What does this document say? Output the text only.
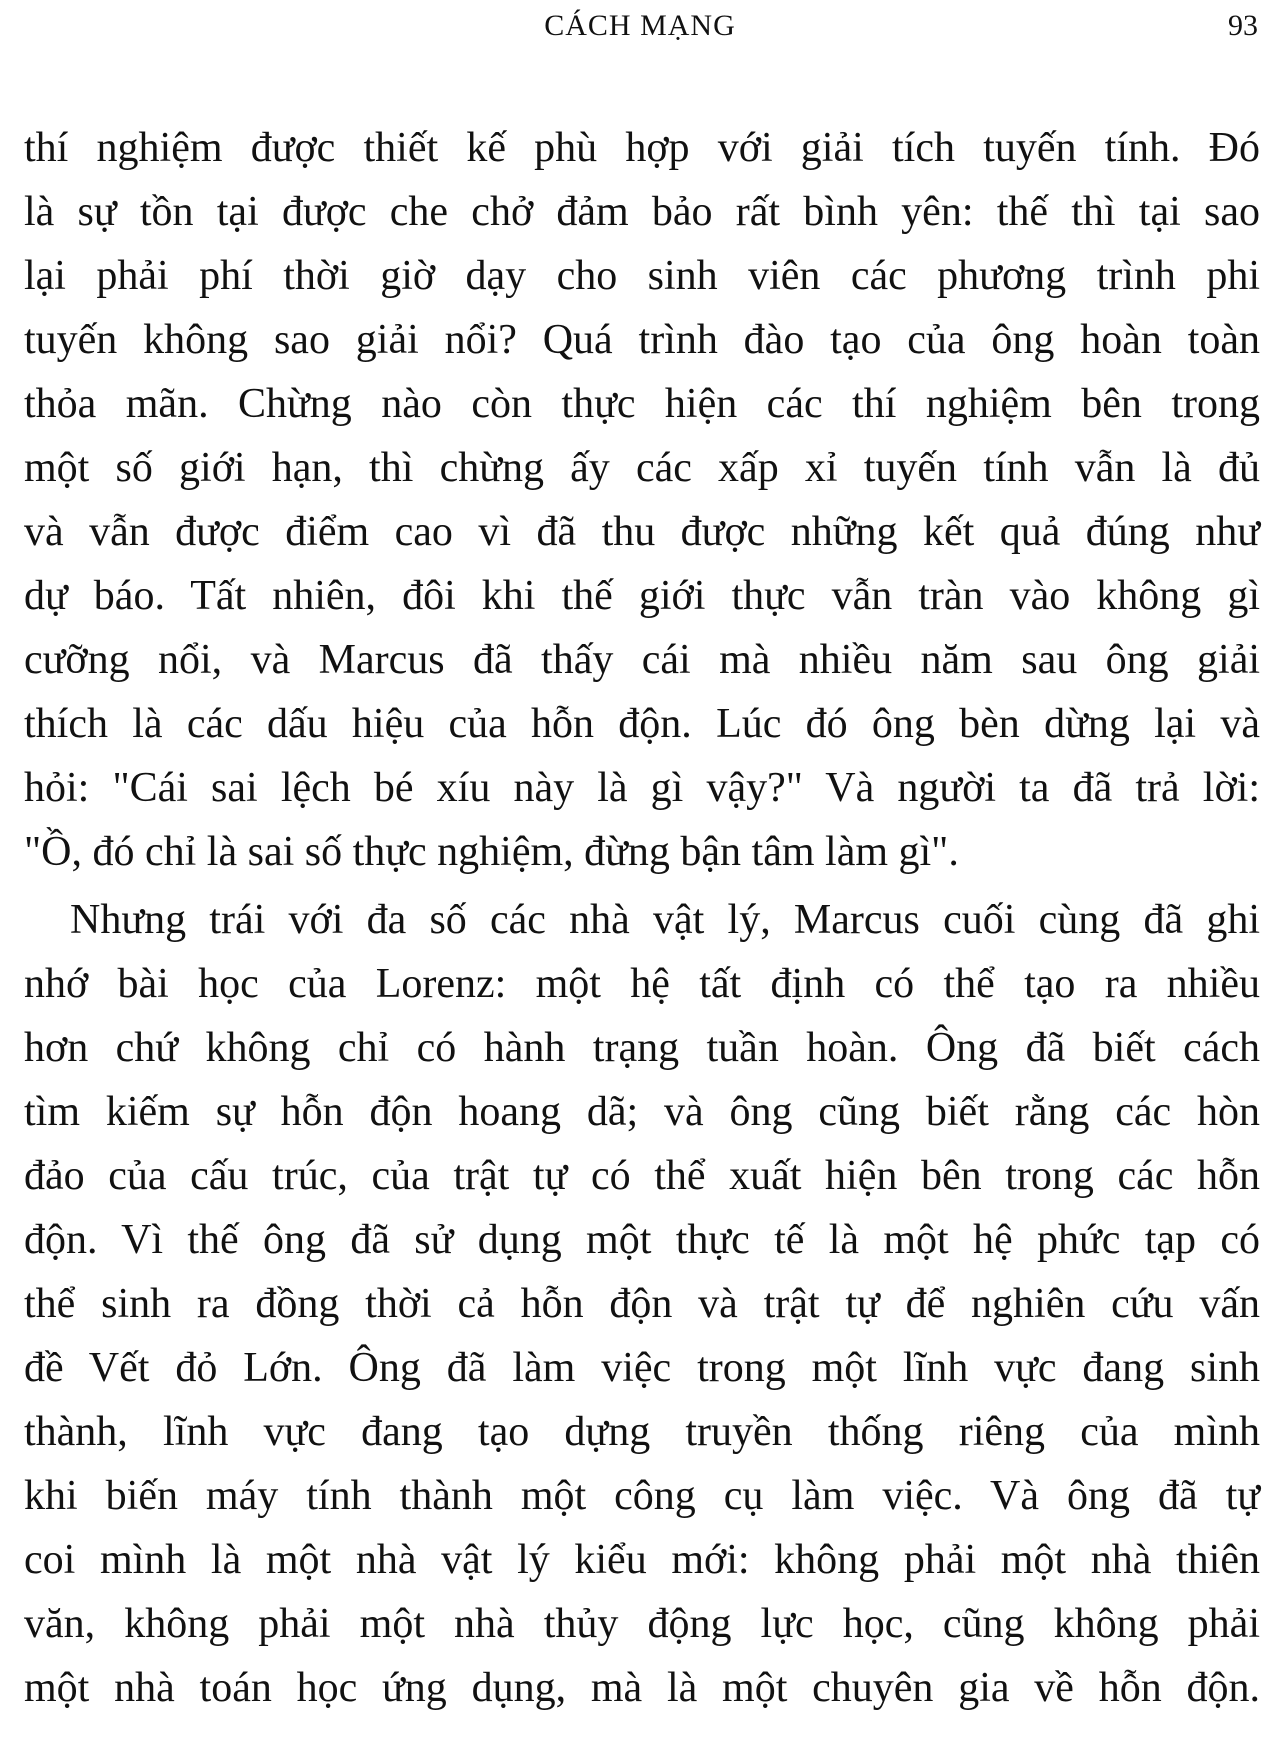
CÁCH MẠNG	93
thí nghiệm được thiết kế phù hợp với giải tích tuyến tính. Đó
là sự tồn tại được che chở đảm bảo rất bình yên: thế thì tại sao
lại phải phí thời giờ dạy cho sinh viên các phương trình phi
tuyến không sao giải nổi? Quá trình đào tạo của ông hoàn toàn
thỏa mãn. Chừng nào còn thực hiện các thí nghiệm bên trong
một số giới hạn, thì chừng ấy các xấp xỉ tuyến tính vẫn là đủ
và vẫn được điểm cao vì đã thu được những kết quả đúng như
dự báo. Tất nhiên, đôi khi thế giới thực vẫn tràn vào không gì
cưỡng nổi, và Marcus đã thấy cái mà nhiều năm sau ông giải
thích là các dấu hiệu của hỗn độn. Lúc đó ông bèn dừng lại và
hỏi: "Cái sai lệch bé xíu này là gì vậy?" Và người ta đã trả lời:
"Ồ, đó chỉ là sai số thực nghiệm, đừng bận tâm làm gì".
Nhưng trái với đa số các nhà vật lý, Marcus cuối cùng đã ghi
nhớ bài học của Lorenz: một hệ tất định có thể tạo ra nhiều
hơn chứ không chỉ có hành trạng tuần hoàn. Ông đã biết cách
tìm kiếm sự hỗn độn hoang dã; và ông cũng biết rằng các hòn
đảo của cấu trúc, của trật tự có thể xuất hiện bên trong các hỗn
độn. Vì thế ông đã sử dụng một thực tế là một hệ phức tạp có
thể sinh ra đồng thời cả hỗn độn và trật tự để nghiên cứu vấn
đề Vết đỏ Lớn. Ông đã làm việc trong một lĩnh vực đang sinh
thành, lĩnh vực đang tạo dựng truyền thống riêng của mình
khi biến máy tính thành một công cụ làm việc. Và ông đã tự
coi mình là một nhà vật lý kiểu mới: không phải một nhà thiên
văn, không phải một nhà thủy động lực học, cũng không phải
một nhà toán học ứng dụng, mà là một chuyên gia về hỗn độn.
